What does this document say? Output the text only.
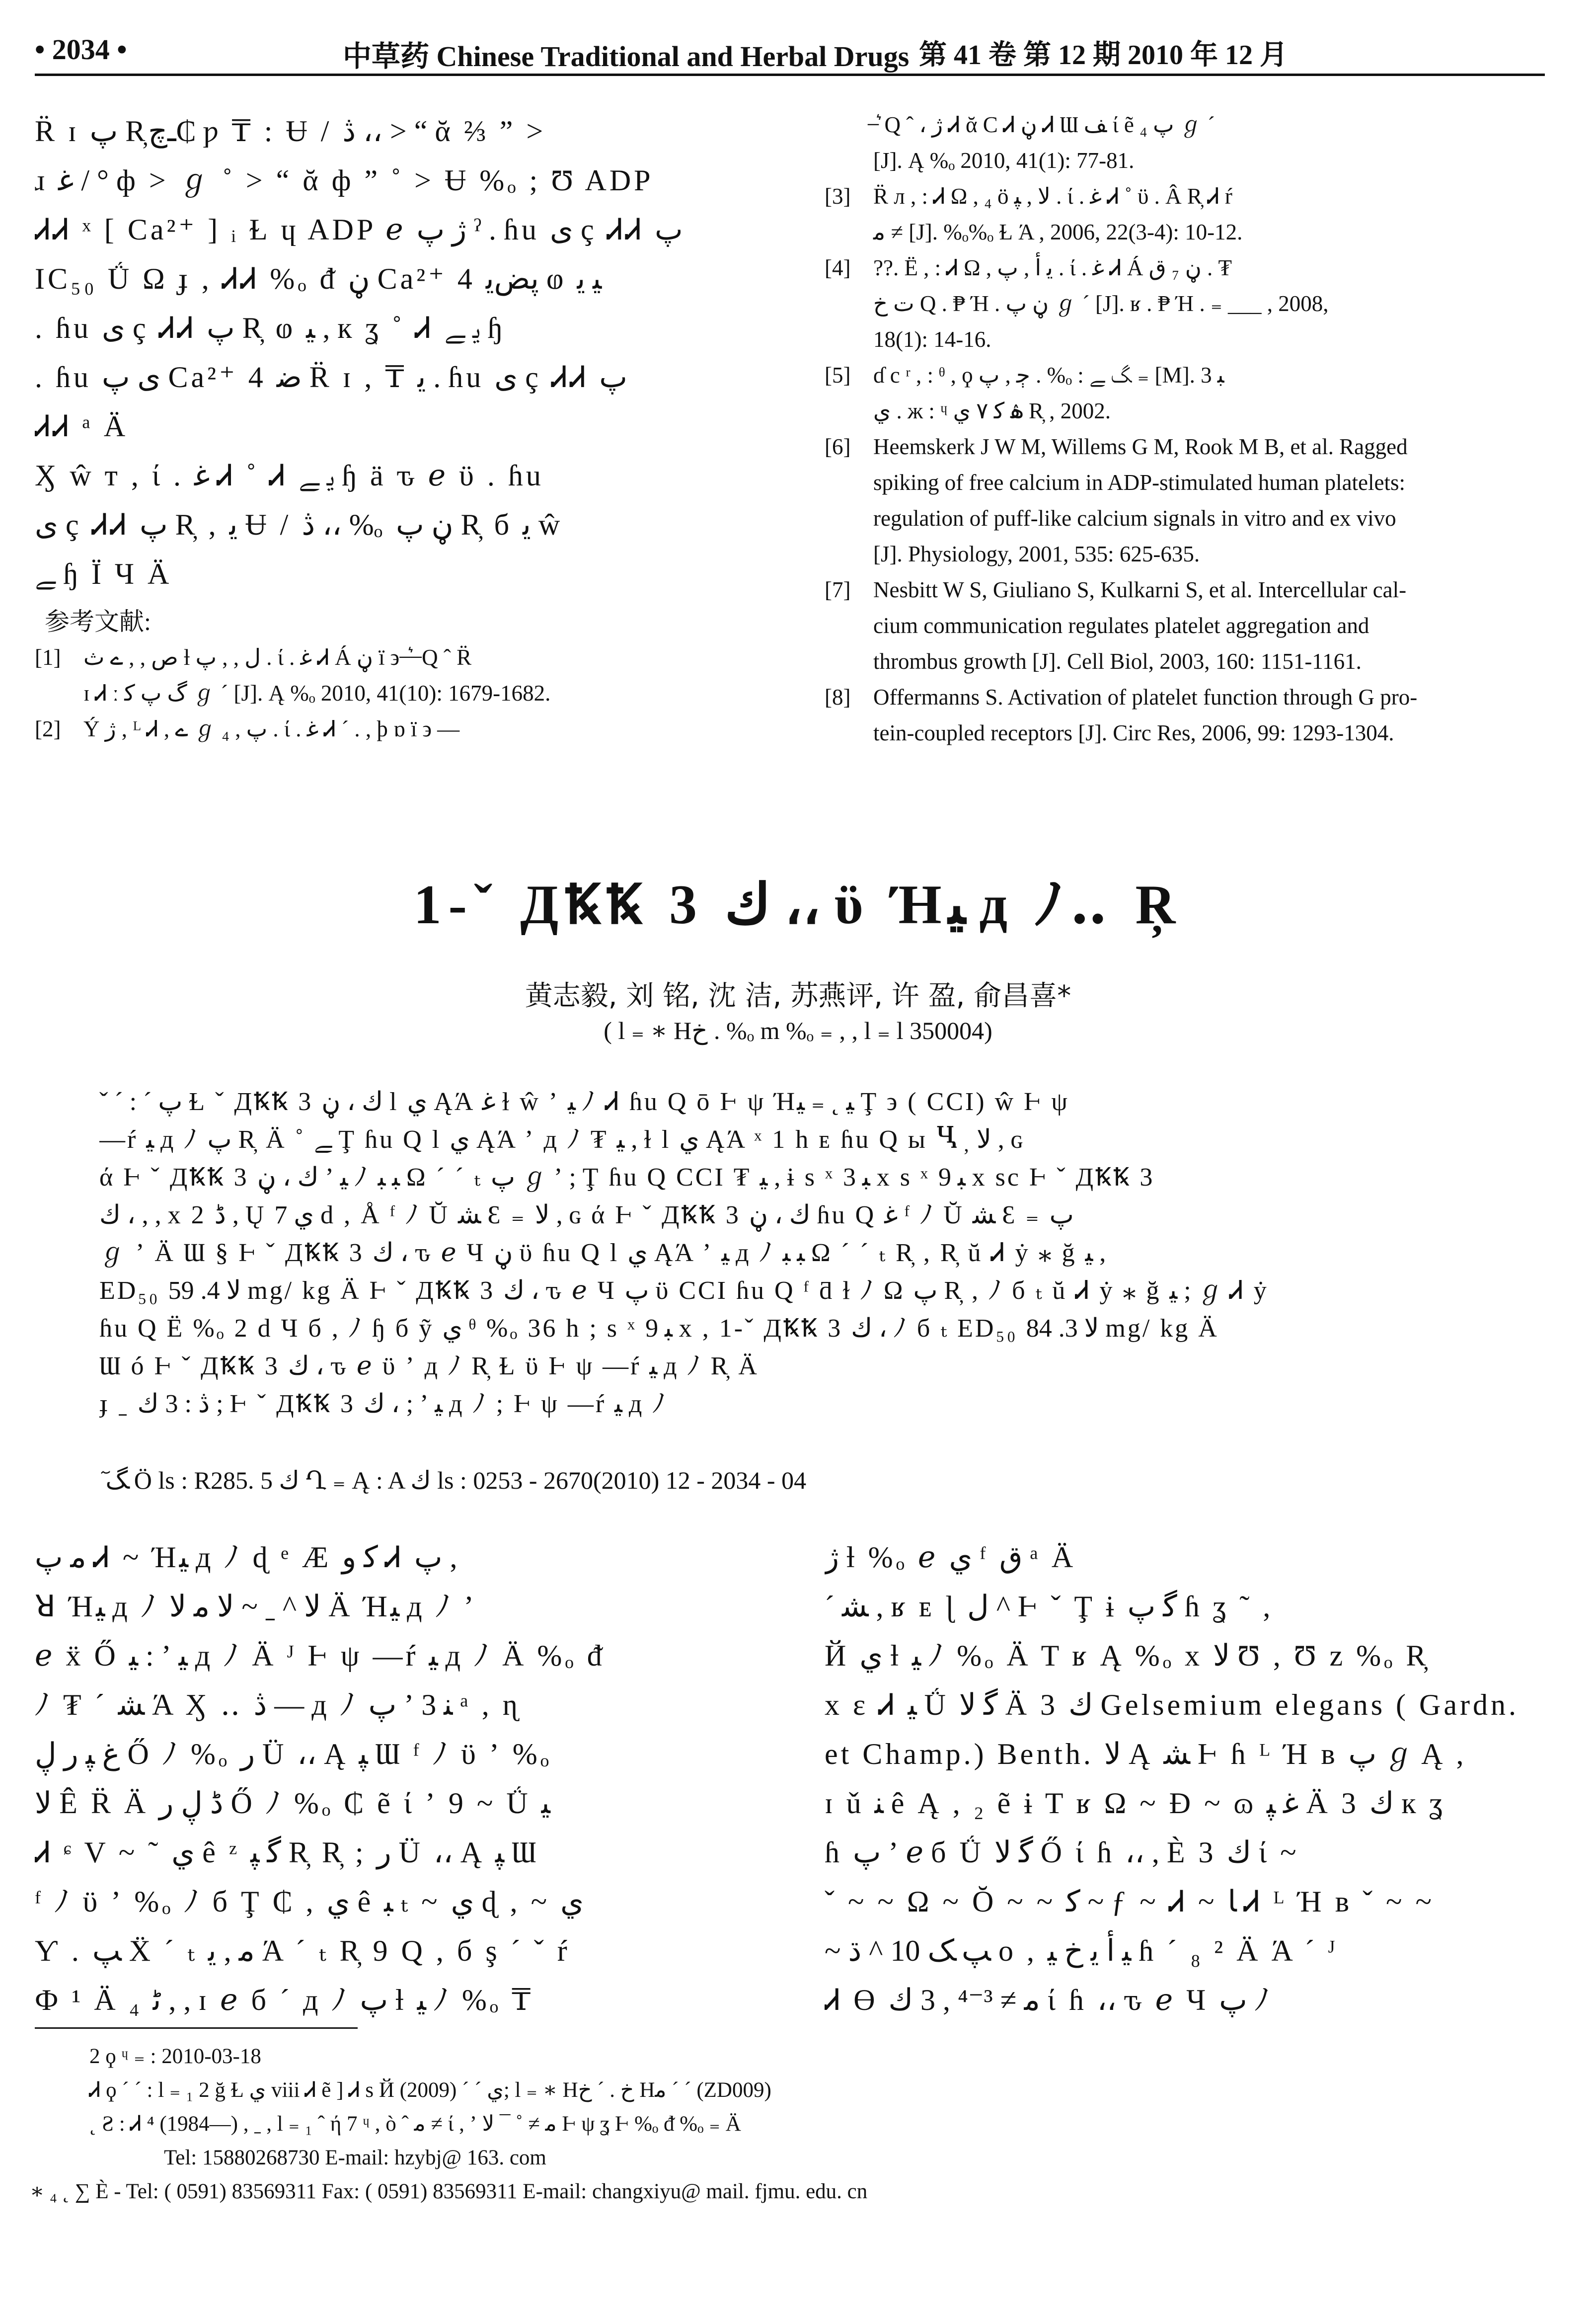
• 2034 •	中草药 Chinese Traditional and Herbal Drugs 第 41 卷 第 12 期 2010 年 12 月

R̈ ɪ پ R̦ـﭺ₵ ƿ ₸ : Ʉ / ڎ ،، > “ ᾰ ⅔ ” >

ɹ ﻏ / ° ф > ℊ ˚ > “ ᾰ ф ” ˚ > Ʉ %ₒ ; Ʊ ADP

ᏗᏗ ˣ [ Ca²⁺ ] ᵢ Ɫ ɥ ADP ℯ ژ پ ˀ . ɦu ى ç ᏗᏗ پ

IC₅₀ Ǘ Ω ɟ , ᏗᏗ %ₒ ᵭ ڼ Ca²⁺ 4 پضﯾ ⱷ ﻴ ﻳ

. ɦu ى ç ᏗᏗ پ R̦ ⱷ ﻴ , к ʓ ˚ Ꮧ ﻳ ﮯ ɧ

. ɦu ى پ Ca²⁺ 4 ﺿ R̈ ɪ , ₸ ﻳ . ɦu ى ç ᏗᏗ پ

ᏗᏗ ᵃ Ä

Ӽ ŵ ᴛ , ί . ﻏ Ꮧ ˚ Ꮧ ﻳ ﮯ ɧ ä ԏ ℯ ϋ . ɦu

ى ç ᏗᏗ پ R̦ , ﻳ Ʉ / ڎ ،، %ₒ ڼ پ R̦ б ﻳ ŵ

ﮯ ɧ Ϊ Ч Ä

参考文献:
[1]	ص , , ے ث ƚ ل , , پ . ί . ﻏ Ꮧ Á ڼ ï ϶ ̶ ͛ ̶ Q ˆ R̈
ɪ Ꮧ ː ﮒ پ ﻛ ℊ ˊ [J]. Ą %ₒ 2010, 41(10): 1679-1682.
[2]	Ý ژ , ᴸ Ꮧ , ے ℊ ₄ , پ . ί . ﻏ Ꮧ ˊ . , þ ɒ ï ϶ —
̶ ͛ Q ˆ ، ژ Ꮧ ᾰ C Ꮧ ڼ Ꮧ Ɯ ﻒ ί ẽ ₄ پ ℊ ˊ
[J]. Ą %ₒ 2010, 41(1): 77-81.
[3]	R̈ л , : Ꮧ Ω , ₄ ö ﻻ , ﭙ . ί . ﻏ Ꮧ ˚ ϋ . Â R̦ Ꮧ ŕ
ﻣ ≠ [J]. %ₒ%ₒ Ɫ Ά , 2006, 22(3-4): 10-12.
[4]	??. Ë , : Ꮧ Ω , ﻳ ﺃ , پ . ί . ﻏ Ꮧ Á ڼ ₇ ق . ₮
ﺕ ﺥ Q . ₱ Ή . ڼ پ ℊ ˊ [J]. ʁ . ₱ Ή . ₌ ___ , 2008,
18(1): 14-16.
[5]	ɗ c ʳ , : ᶿ , ϙ ﭴ , پ . %ₒ : ﮓ ﮯ ₌ [M]. 3 ﺒ
ي . ж : ᶣ ۿ ﻛ ۷ ي R̦ , 2002.
[6]	Heemskerk J W M, Willems G M, Rook M B, et al. Ragged
spiking of free calcium in ADP-stimulated human platelets:
regulation of puff-like calcium signals in vitro and ex vivo
[J]. Physiology, 2001, 535: 625-635.
[7]	Nesbitt W S, Giuliano S, Kulkarni S, et al. Intercellular cal-
cium communication regulates platelet aggregation and
thrombus growth [J]. Cell Biol, 2003, 160: 1151-1161.
[8]	Offermanns S. Activation of platelet function through G pro-
tein-coupled receptors [J]. Circ Res, 2006, 99: 1293-1304.
1-ˇ ДꝄꝄ 3 ﻙ ،، ϋ Ήﻴ д ﾉ‥ R̦
黄志毅, 刘 铭, 沈 洁, 苏燕评, 许 盈, 俞昌喜*
( l ₌ ∗ Нﺥ . %ₒ m %ₒ ₌ , , l ₌ l 350004)

ˇ ˊ : ˊ پ Ɫ ˇ ДꝄꝄ 3 ﻙ ، ڼ l ي ĄΆ ﻏ ɫ ŵ ʼ ﻴ ﾉ Ꮧ ɦu Q ō Ⱶ ψ Ήﻴ ˛ ₌ ﻴ Ţ ϶ ( CCI) ŵ Ⱶ ψ

—ŕ ﻴ д ﾉ پ R̦ Ä ˚ ﮯ Ţ ɦu Q l ي ĄΆ ʼ д ﾉ ₮ ﻴ , ɫ l ي ĄΆ ˣ 1 h ᴇ ɦu Q ы Ⴁ ̦ ﻻ , ɢ

ά Ⱶ ˇ ДꝄꝄ 3 ﻙ ، ڼ ʼ ﻴ ﾉ ﺒ ﺒ Ω ˊ ˊ ₜ پ ℊ ʼ ; Ţ ɦu Q CCI ₮ ﻴ , ɨ s ˣ ﺒ 3 x s ˣ ﺒ 9 x sc Ⱶ ˇ ДꝄꝄ 3

ﻙ ، , , x 2 ڈ , Ų ي 7 d , Å ᶠ ﾉ Ŭ ﺸ Ɛ ₌ ﻻ , ɢ ά Ⱶ ˇ ДꝄꝄ 3 ﻙ ، ڼ ɦu Q ﻏ ᶠ ﾉ Ŭ ﺸ Ɛ ₌ پ

ℊ ʼ Ä Ɯ § Ⱶ ˇ ДꝄꝄ 3 ﻙ ، ԏ ℯ Ч ڼ ϋ ɦu Q l ي ĄΆ ʼ ﻴ д ﾉ ﺒ ﺒ Ω ˊ ˊ ₜ R̦ , R̦ ŭ Ꮧ ẏ ⁎ ğ ﻴ ,

ED₅₀ ﻻ 4. 59 mg/ kg Ä Ⱶ ˇ ДꝄꝄ 3 ﻙ ، ԏ ℯ Ч پ ϋ CCI ɦu Q ᶠ ƌ ɫ ﾉ Ω پ R̦ , ﾉ б ₜ ŭ Ꮧ ẏ ⁎ ğ ﻴ ; ℊ Ꮧ ẏ

ɦu Q Ë %ₒ 2 d Ч б , ﾉ ɧ б ỹ ي ᶿ %ₒ 36 h ; s ˣ ﺒ 9 x , 1-ˇ ДꝄꝄ 3 ﻙ ، ﾉ б ₜ ED₅₀ ﻻ 3. 84 mg/ kg Ä

Ɯ ó Ⱶ ˇ ДꝄꝄ 3 ﻙ ، ԏ ℯ ϋ ʼ д ﾉ R̦ Ɫ ϋ Ⱶ ψ —ŕ ﻴ д ﾉ R̦ Ä

ɟ ˍ ڎ : 3 ﻙ ; Ⱶ ˇ ДꝄꝄ 3 ﻙ ، ; ʼ ﻴ д ﾉ ; Ⱶ ψ —ŕ ﻴ д ﾉ

ٓ ﮓ Ӧ ls : R285. 5 ﻙ Ղ ₌ Ą : A ﻙ ls : 0253 - 2670(2010) 12 - 2034 - 04

ﻣ پ Ꮧ ~ Ήﻴ д ﾉ ɖ ᵉ Æ ﻛ ﻭ Ꮧ پ ,

ꓤ Ήﻴ д ﾉ ﻻ ^ ˍ ~ ﻻ ﻣ ﻻ Ä Ήﻴ д ﾉ ʼ

ℯ ẍ Ő ﻴ : ʼ ﻴ д ﾉ Ä ᴶ Ⱶ ψ —ŕ ﻴ д ﾉ Ä %ₒ ᵭ

ﾉ ₮ ˊ ﺸ Ά Ӽ ‥ ڎ — д ﾉ پ ʼ 3 ﻨ ᵃ , ɳ

ﻍ ﭙ ﺭ ڸ Ő ﾉ %ₒ ﺭ Ü ،، Ą ﭙ Ɯ ᶠ ﾉ ϋ ʼ %ₒ

ﻻ Ê R̈ Ä ڈ ڸ ﺭ Ő ﾉ %ₒ ₵ ẽ ί ʼ 9 ~ Ǘ ﻴ

Ꮧ ᶝ V ~ ˜ ي ê ᶻ ﮔ ﭙ R̦ R̦ ; ﺭ Ü ،، Ą ﭙ Ɯ

ᶠ ﾉ ϋ ʼ %ₒ ﾉ б Ţ ₵ , ي ê ﺒ ₜ ~ ي ɖ , ~ ي

Ƴ . ﭗ Ẍ ˊ ₜ ﻣ , ﻳ Ά ˊ ₜ R̦ 9 Q , б ş ˊ ˇ ŕ

Ф ¹ Ä ₄ ﮢ , , ɪ ℯ б ˊ д ﾉ پ ƚ ﻴ ﾉ %ₒ ₸

ژ ƚ %ₒ ℯ ي ᶠ ﻕ ᵃ Ä

ˊ ﺸ , ʁ ᴇ ɭ ل ^ Ⱶ ˇ Ţ ɨ ﮔ ﭖ ɦ ʓ ˜ ,

Й ي ƚ ﻴ ﾉ %ₒ Ä T ʁ Ą %ₒ x ﻻ Ʊ , Ʊ z %ₒ R̦

x ɛ Ꮧ ﻴ Ǘ ﮔ ﻻ Ä 3 ﻙ Gelsemium elegans ( Gardn.

et Champ.) Benth. ﻻ Ą ﺸ Ⱶ ɦ ᴸ Ή в پ ℊ Ą ,

ɪ ǔ ﻨ ê Ą , ₂ ẽ ɨ T ʁ Ω ~ Ɖ ~ ɷ ﻏ ﭙ Ä 3 ﻙ к ʓ

ɦ پ ʼ ℯ б Ǘ ﮔ ﻻ Ő ί ɦ ،، , È 3 ﻙ ί ~

ˇ ~ ~ Ω ~ Ŏ ~ ~ ﮐ ~ ƒ ~ Ꮧ ~ ﺎ Ꮧ ᴸ Ή в ˇ ~ ~

~ ﭗ ﮏ 10 ^ ڌ o , ﻴ ﺃ ﻳ ﺥ ﻴ ɦ ˊ ₈ ² Ä Ά ˊ ᴶ

Ꮧ ϴ ﻣ ≠ ³⁻⁴ , 3 ﻙ ί ɦ ،، ԏ ℯ Ч پ ﾉ

2 ϙ ᶣ ₌ : 2010-03-18

Ꮧ ϙ ˊ ˊ : l ₌ ₁ 2 ğ Ɫ ي viii Ꮧ ẽ ] Ꮧ s Й ي ˊ ˊ (2009); l ₌ ∗ Нﺥ . ˊ ﺥ Нﻣ ˊ ˊ (ZD009)

˛ Ƨ : Ꮧ ⁴ (1984—) , ˍ , l ₌ ₁ ˆ ή 7 ᶣ , ò ˆ ﻣ ≠ ί , ʼ ﻣ ≠ ˚ ¯ ﻻ Ⱶ ψ ʓ Ⱶ %ₒ ᵭ %ₒ ₌ Ä

Tel: 15880268730 E-mail: hzybj@ 163. com

∗ ₄ ˛ ∑ È - Tel: ( 0591) 83569311 Fax: ( 0591) 83569311 E-mail: changxiyu@ mail. fjmu. edu. cn
